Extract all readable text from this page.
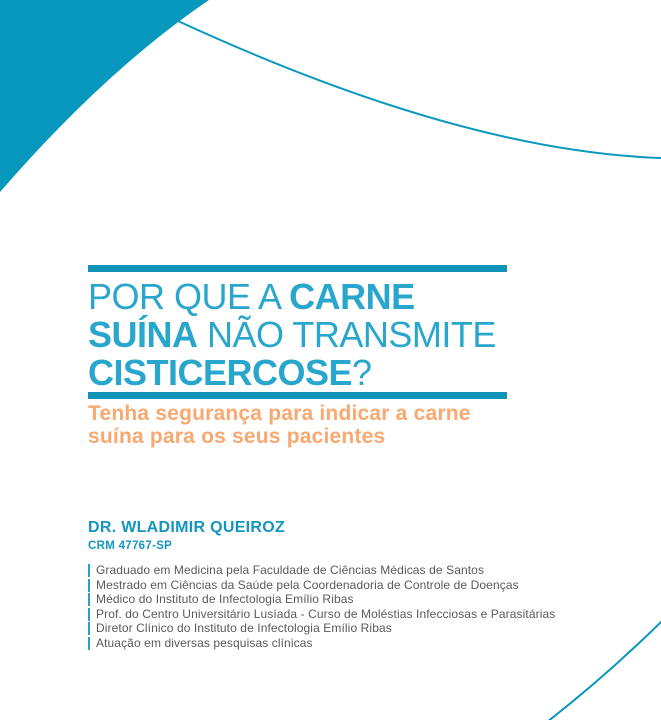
POR QUE A CARNE
SUÍNA NÃO TRANSMITE
CISTICERCOSE?

Tenha segurança para indicar a carne
suína para os seus pacientes

DR. WLADIMIR QUEIROZ
CRM 47767-SP
Graduado em Medicina pela Faculdade de Ciências Médicas de Santos
Mestrado em Ciências da Saúde pela Coordenadoria de Controle de Doenças
Médico do Instituto de Infectologia Emílio Ribas
Prof. do Centro Universitário Lusíada - Curso de Moléstias Infecciosas e Parasitárias
Diretor Clínico do Instituto de Infectologia Emílio Ribas
Atuação em diversas pesquisas clínicas
